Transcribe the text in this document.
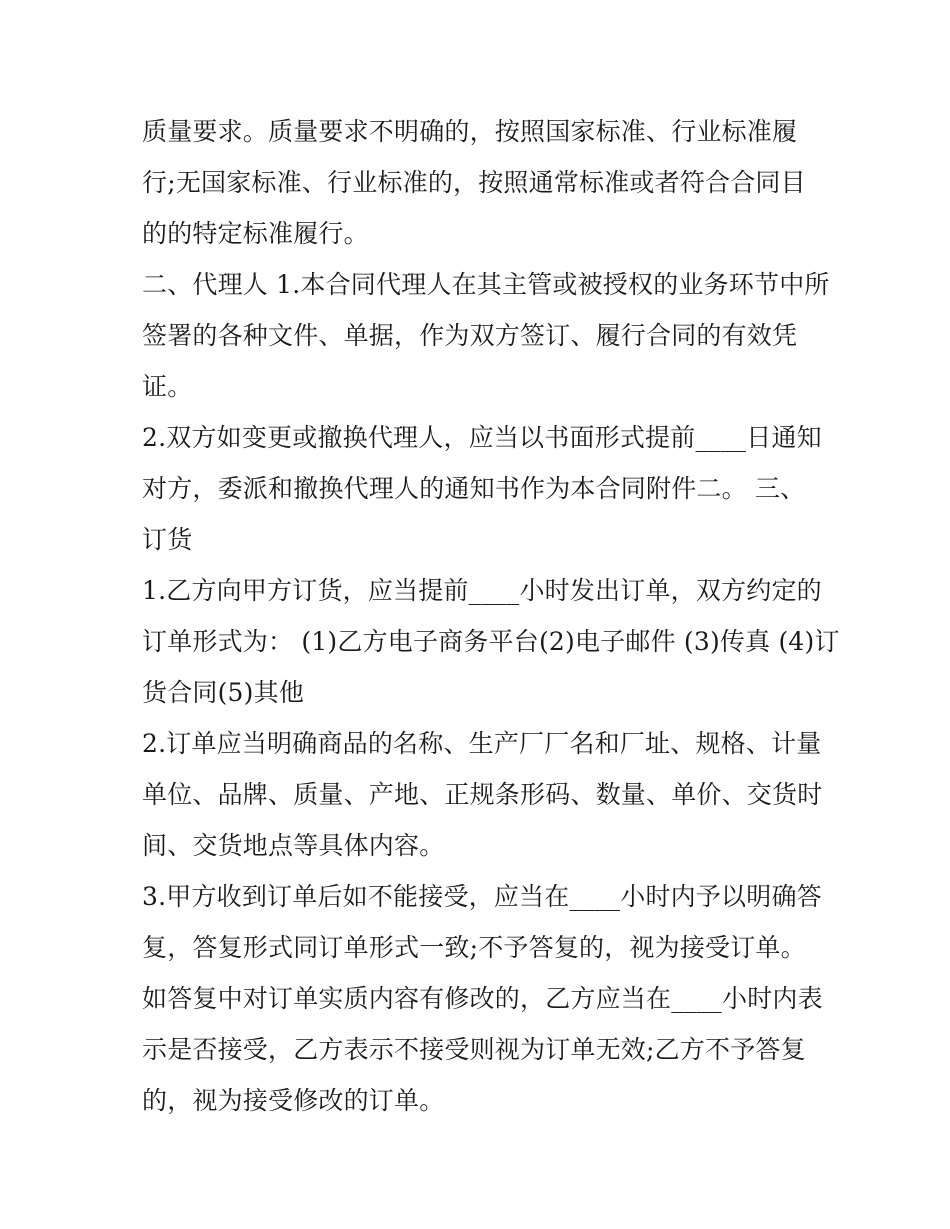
质量要求。质量要求不明确的，按照国家标准、行业标准履
行;无国家标准、行业标准的，按照通常标准或者符合合同目
的的特定标准履行。
二、代理人 1.本合同代理人在其主管或被授权的业务环节中所
签署的各种文件、单据，作为双方签订、履行合同的有效凭
证。
2.双方如变更或撤换代理人，应当以书面形式提前____日通知
对方，委派和撤换代理人的通知书作为本合同附件二。 三、
订货
1.乙方向甲方订货，应当提前____小时发出订单，双方约定的
订单形式为： (1)乙方电子商务平台(2)电子邮件 (3)传真 (4)订
货合同(5)其他
2.订单应当明确商品的名称、生产厂厂名和厂址、规格、计量
单位、品牌、质量、产地、正规条形码、数量、单价、交货时
间、交货地点等具体内容。
3.甲方收到订单后如不能接受，应当在____小时内予以明确答
复，答复形式同订单形式一致;不予答复的，视为接受订单。
如答复中对订单实质内容有修改的，乙方应当在____小时内表
示是否接受，乙方表示不接受则视为订单无效;乙方不予答复
的，视为接受修改的订单。
